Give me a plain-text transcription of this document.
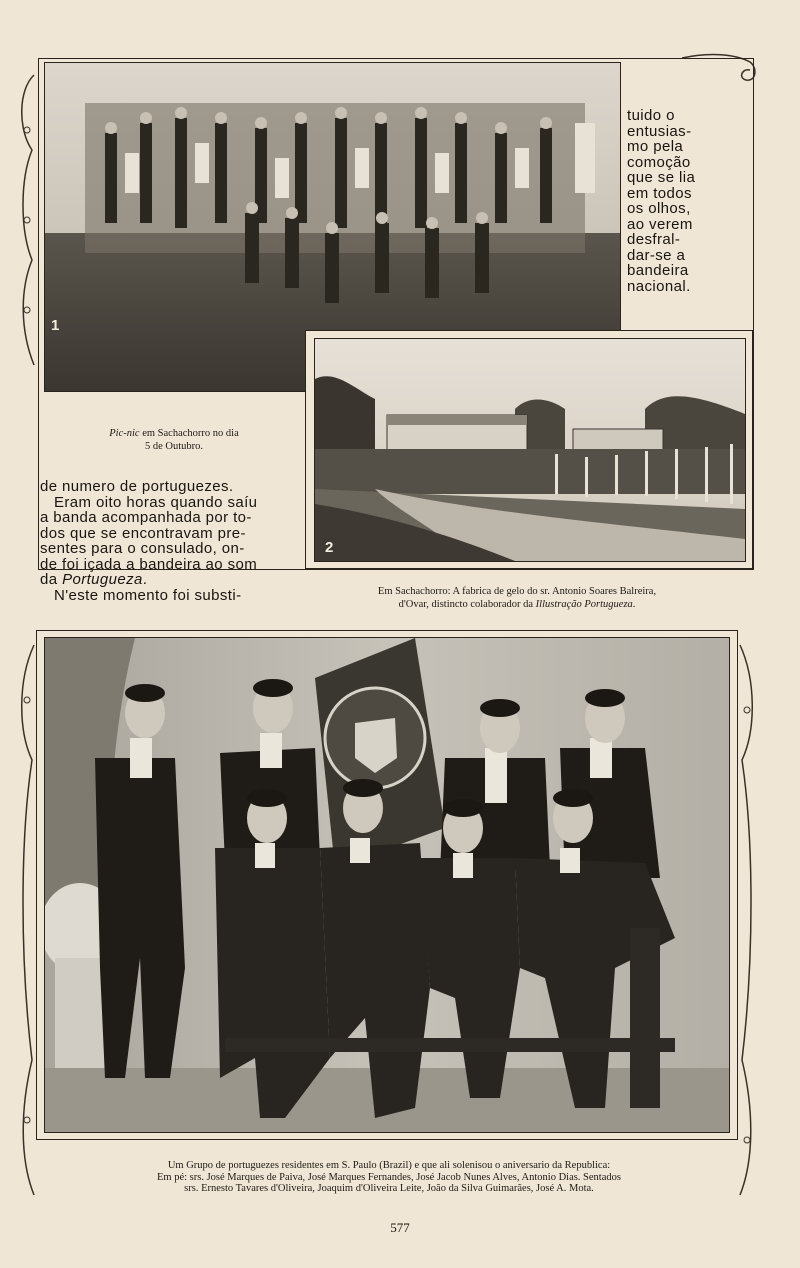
1

tuido o

entusias-

mo pela

comoção

que se lia

em todos

os olhos,

ao verem

desfral-

dar-se a

bandeira

nacional.

2
Pic-nic em Sachachorro no dia
5 de Outubro.

de numero de portuguezes.

Eram oito horas quando saíu

a banda acompanhada por to-

dos que se encontravam pre-

sentes para o consulado, on-

de foi içada a bandeira ao som

da Portugueza.

N'este momento foi substi-	Em Sachachorro: A fabrica de gelo do sr. Antonio Soares Balreira,
d'Ovar, distincto colaborador da Illustração Portugueza.
Um Grupo de portuguezes residentes em S. Paulo (Brazil) e que ali solenisou o aniversario da Republica:
Em pé: srs. José Marques de Paiva, José Marques Fernandes, José Jacob Nunes Alves, Antonio Dias. Sentados
srs. Ernesto Tavares d'Oliveira, Joaquim d'Oliveira Leite, João da Silva Guimarães, José A. Mota.
577
